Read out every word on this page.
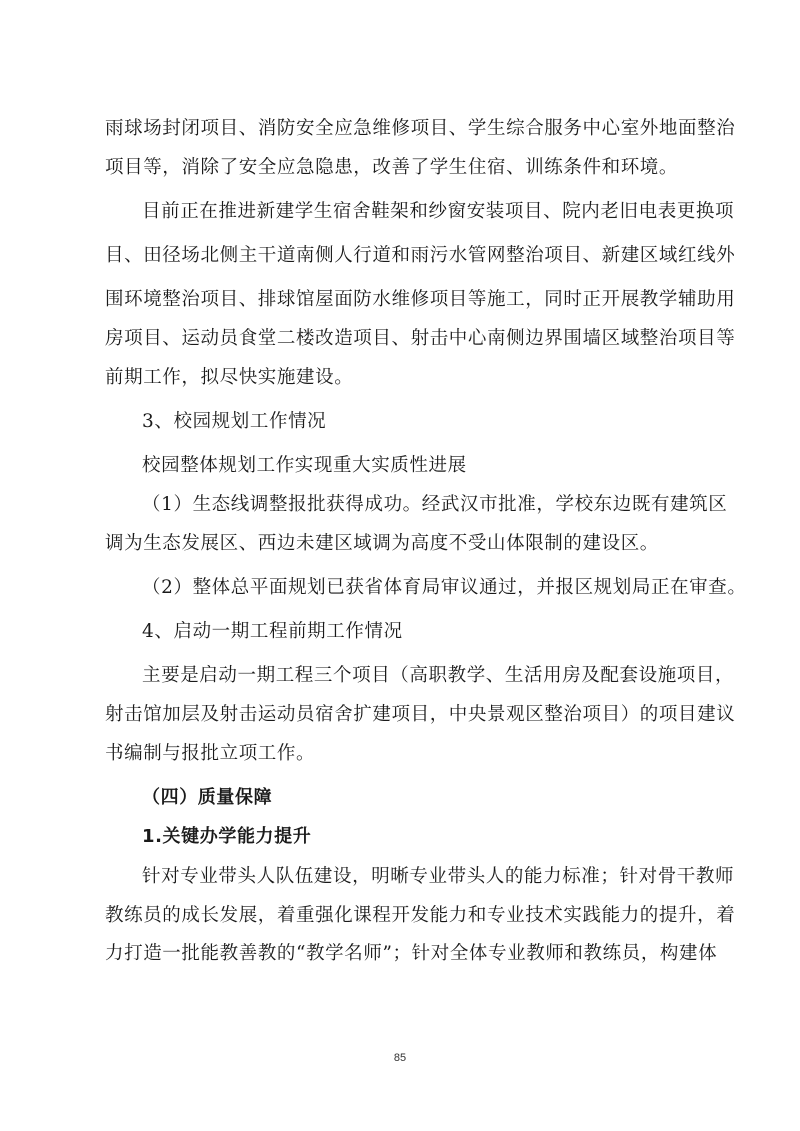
雨球场封闭项目、消防安全应急维修项目、学生综合服务中心室外地面整治
项目等，消除了安全应急隐患，改善了学生住宿、训练条件和环境。
目前正在推进新建学生宿舍鞋架和纱窗安装项目、院内老旧电表更换项
目、田径场北侧主干道南侧人行道和雨污水管网整治项目、新建区域红线外
围环境整治项目、排球馆屋面防水维修项目等施工，同时正开展教学辅助用
房项目、运动员食堂二楼改造项目、射击中心南侧边界围墙区域整治项目等
前期工作，拟尽快实施建设。
3、校园规划工作情况
校园整体规划工作实现重大实质性进展
（1）生态线调整报批获得成功。经武汉市批准，学校东边既有建筑区
调为生态发展区、西边未建区域调为高度不受山体限制的建设区。
（2）整体总平面规划已获省体育局审议通过，并报区规划局正在审查。
4、启动一期工程前期工作情况
主要是启动一期工程三个项目（高职教学、生活用房及配套设施项目，
射击馆加层及射击运动员宿舍扩建项目，中央景观区整治项目）的项目建议
书编制与报批立项工作。
（四）质量保障
1.关键办学能力提升
针对专业带头人队伍建设，明晰专业带头人的能力标准；针对骨干教师
教练员的成长发展，着重强化课程开发能力和专业技术实践能力的提升，着
力打造一批能教善教的“教学名师”；针对全体专业教师和教练员，构建体
85
